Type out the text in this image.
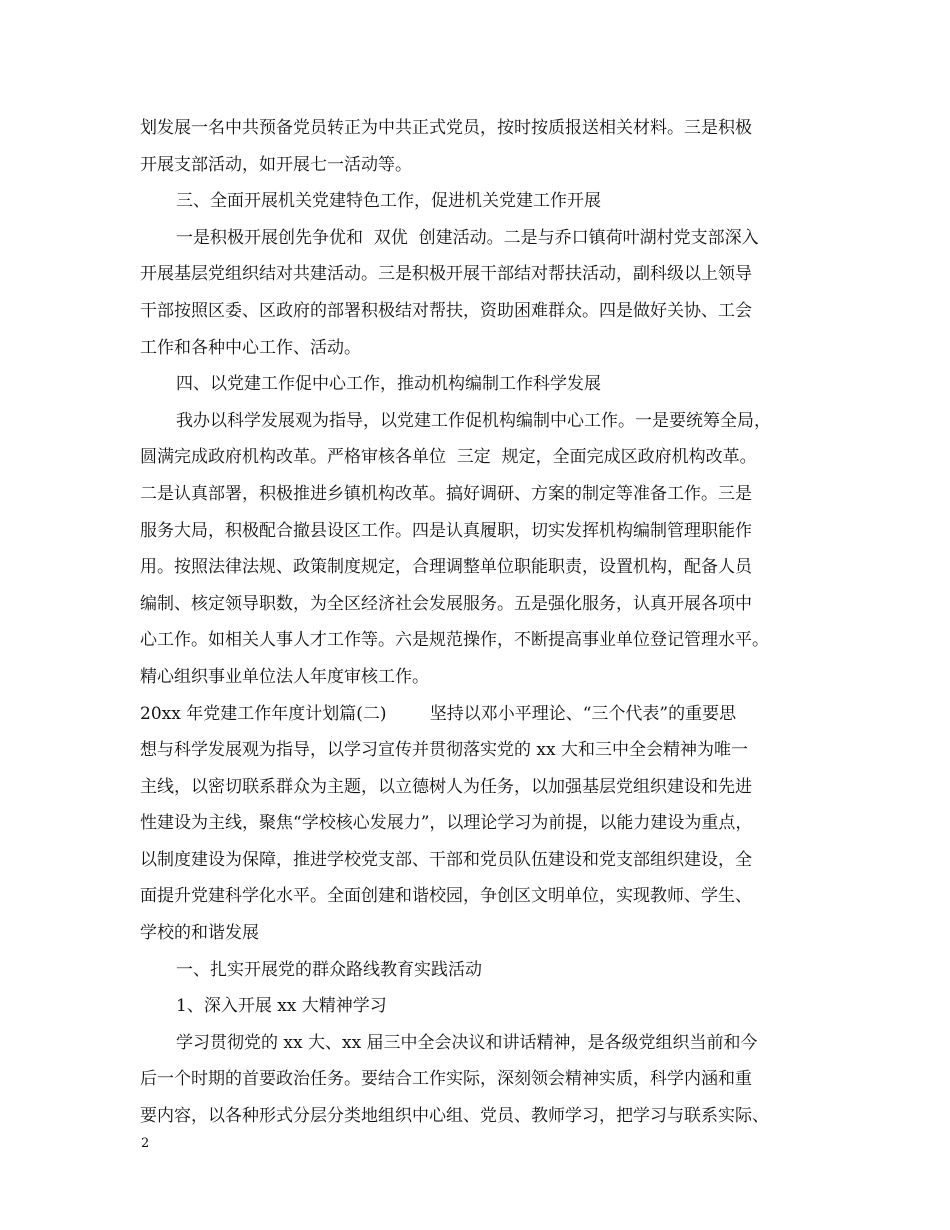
划发展一名中共预备党员转正为中共正式党员，按时按质报送相关材料。三是积极
开展支部活动，如开展七一活动等。
三、全面开展机关党建特色工作，促进机关党建工作开展
一是积极开展创先争优和  双优  创建活动。二是与乔口镇荷叶湖村党支部深入
开展基层党组织结对共建活动。三是积极开展干部结对帮扶活动，副科级以上领导
干部按照区委、区政府的部署积极结对帮扶，资助困难群众。四是做好关协、工会
工作和各种中心工作、活动。
四、以党建工作促中心工作，推动机构编制工作科学发展
我办以科学发展观为指导，以党建工作促机构编制中心工作。一是要统筹全局，
圆满完成政府机构改革。严格审核各单位  三定  规定，全面完成区政府机构改革。
二是认真部署，积极推进乡镇机构改革。搞好调研、方案的制定等准备工作。三是
服务大局，积极配合撤县设区工作。四是认真履职，切实发挥机构编制管理职能作
用。按照法律法规、政策制度规定，合理调整单位职能职责，设置机构，配备人员
编制、核定领导职数，为全区经济社会发展服务。五是强化服务，认真开展各项中
心工作。如相关人事人才工作等。六是规范操作，不断提高事业单位登记管理水平。
精心组织事业单位法人年度审核工作。
20xx 年党建工作年度计划篇(二)        坚持以邓小平理论、“三个代表”的重要思
想与科学发展观为指导，以学习宣传并贯彻落实党的 xx 大和三中全会精神为唯一
主线，以密切联系群众为主题，以立德树人为任务，以加强基层党组织建设和先进
性建设为主线，聚焦“学校核心发展力”，以理论学习为前提，以能力建设为重点，
以制度建设为保障，推进学校党支部、干部和党员队伍建设和党支部组织建设，全
面提升党建科学化水平。全面创建和谐校园，争创区文明单位，实现教师、学生、
学校的和谐发展
一、扎实开展党的群众路线教育实践活动
1、深入开展 xx 大精神学习
学习贯彻党的 xx 大、xx 届三中全会决议和讲话精神，是各级党组织当前和今
后一个时期的首要政治任务。要结合工作实际，深刻领会精神实质，科学内涵和重
要内容，以各种形式分层分类地组织中心组、党员、教师学习，把学习与联系实际、
2
